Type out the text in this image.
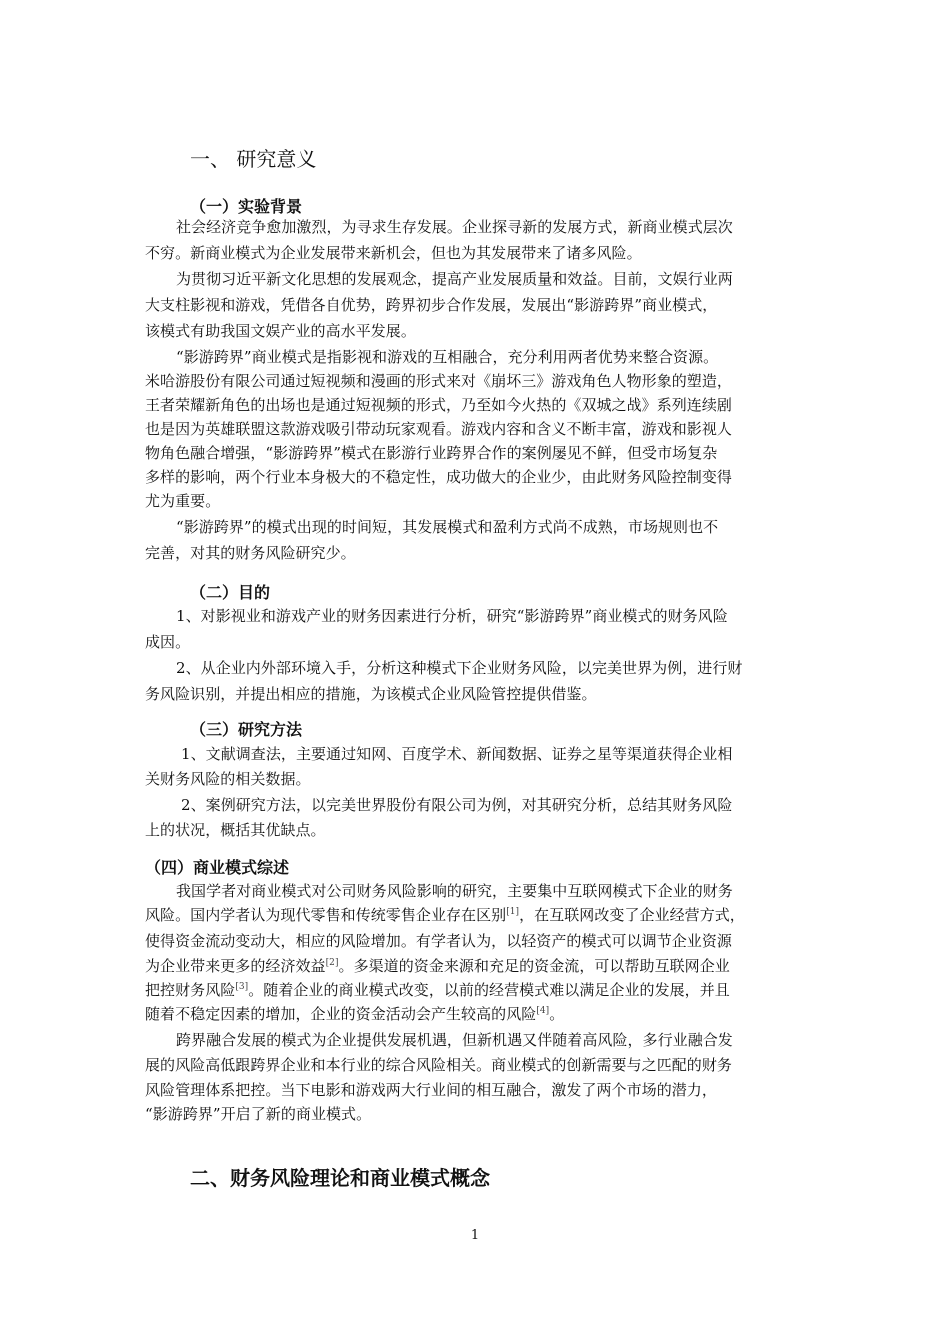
一、 研究意义
（一）实验背景
社会经济竞争愈加激烈，为寻求生存发展。企业探寻新的发展方式，新商业模式层次
不穷。新商业模式为企业发展带来新机会，但也为其发展带来了诸多风险。
为贯彻习近平新文化思想的发展观念，提高产业发展质量和效益。目前，文娱行业两
大支柱影视和游戏，凭借各自优势，跨界初步合作发展，发展出“影游跨界”商业模式，
该模式有助我国文娱产业的高水平发展。
“影游跨界”商业模式是指影视和游戏的互相融合，充分利用两者优势来整合资源。
米哈游股份有限公司通过短视频和漫画的形式来对《崩坏三》游戏角色人物形象的塑造，
王者荣耀新角色的出场也是通过短视频的形式，乃至如今火热的《双城之战》系列连续剧
也是因为英雄联盟这款游戏吸引带动玩家观看。游戏内容和含义不断丰富，游戏和影视人
物角色融合增强，“影游跨界”模式在影游行业跨界合作的案例屡见不鲜，但受市场复杂
多样的影响，两个行业本身极大的不稳定性，成功做大的企业少，由此财务风险控制变得
尤为重要。
“影游跨界”的模式出现的时间短，其发展模式和盈利方式尚不成熟，市场规则也不
完善，对其的财务风险研究少。
（二）目的
1、对影视业和游戏产业的财务因素进行分析，研究“影游跨界”商业模式的财务风险
成因。
2、从企业内外部环境入手，分析这种模式下企业财务风险，以完美世界为例，进行财
务风险识别，并提出相应的措施，为该模式企业风险管控提供借鉴。
（三）研究方法
1、文献调查法，主要通过知网、百度学术、新闻数据、证券之星等渠道获得企业相
关财务风险的相关数据。
2、案例研究方法，以完美世界股份有限公司为例，对其研究分析，总结其财务风险
上的状况，概括其优缺点。
（四）商业模式综述
我国学者对商业模式对公司财务风险影响的研究，主要集中互联网模式下企业的财务
风险。国内学者认为现代零售和传统零售企业存在区别[1]，在互联网改变了企业经营方式，
使得资金流动变动大，相应的风险增加。有学者认为，以轻资产的模式可以调节企业资源
为企业带来更多的经济效益[2]。多渠道的资金来源和充足的资金流，可以帮助互联网企业
把控财务风险[3]。随着企业的商业模式改变，以前的经营模式难以满足企业的发展，并且
随着不稳定因素的增加，企业的资金活动会产生较高的风险[4]。
跨界融合发展的模式为企业提供发展机遇，但新机遇又伴随着高风险，多行业融合发
展的风险高低跟跨界企业和本行业的综合风险相关。商业模式的创新需要与之匹配的财务
风险管理体系把控。当下电影和游戏两大行业间的相互融合，激发了两个市场的潜力，
“影游跨界”开启了新的商业模式。
二、财务风险理论和商业模式概念
1
